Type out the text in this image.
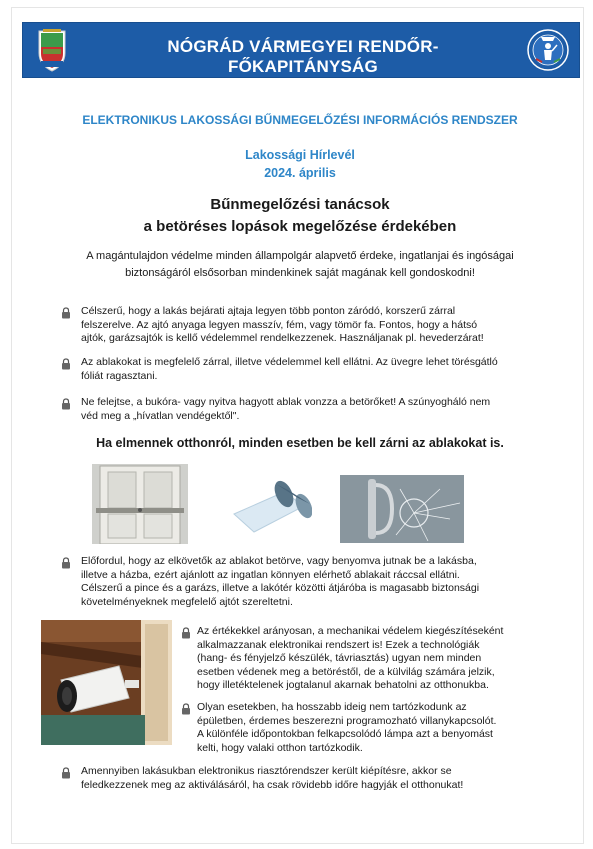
NÓGRÁD VÁRMEGYEI RENDŐR-FŐKAPITÁNYSÁG
ELEKTRONIKUS LAKOSSÁGI BŰNMEGELŐZÉSI INFORMÁCIÓS RENDSZER
Lakossági Hírlevél
2024. április
Bűnmegelőzési tanácsok
a betöréses lopások megelőzése érdekében
A magántulajdon védelme minden állampolgár alapvető érdeke, ingatlanjai és ingóságai
biztonságáról elsősorban mindenkinek saját magának kell gondoskodni!
Célszerű, hogy a lakás bejárati ajtaja legyen több ponton záródó, korszerű zárral
felszerelve. Az ajtó anyaga legyen masszív, fém, vagy tömör fa. Fontos, hogy a hátsó
ajtók, garázsajtók is kellő védelemmel rendelkezzenek. Használjanak pl. hevederzárat!
Az ablakokat is megfelelő zárral, illetve védelemmel kell ellátni. Az üvegre lehet törésgátló
fóliát ragasztani.
Ne felejtse, a bukóra- vagy nyitva hagyott ablak vonzza a betörőket! A szúnyogháló nem
véd meg a „hívatlan vendégektől".
Ha elmennek otthonról, minden esetben be kell zárni az ablakokat is.
Előfordul, hogy az elkövetők az ablakot betörve, vagy benyomva jutnak be a lakásba,
illetve a házba, ezért ajánlott az ingatlan könnyen elérhető ablakait ráccsal ellátni.
Célszerű a pince és a garázs, illetve a lakótér közötti átjáróba is magasabb biztonsági
követelményeknek megfelelő ajtót szereltetni.
Az értékekkel arányosan, a mechanikai védelem kiegészítéseként
alkalmazzanak elektronikai rendszert is! Ezek a technológiák
(hang- és fényjelző készülék, távriasztás) ugyan nem minden
esetben védenek meg a betöréstől, de a külvilág számára jelzik,
hogy illetéktelenek jogtalanul akarnak behatolni az otthonukba.
Olyan esetekben, ha hosszabb ideig nem tartózkodunk az
épületben, érdemes beszerezni programozható villanykapcsolót.
A különféle időpontokban felkapcsolódó lámpa azt a benyomást
kelti, hogy valaki otthon tartózkodik.
Amennyiben lakásukban elektronikus riasztórendszer került kiépítésre, akkor se
feledkezzenek meg az aktiválásáról, ha csak rövidebb időre hagyják el otthonukat!
